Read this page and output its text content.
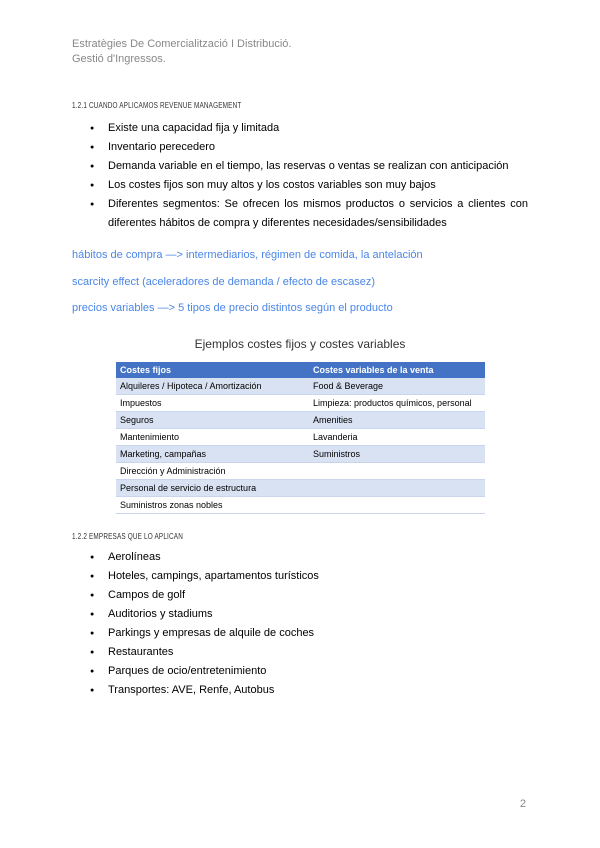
Estratègies De Comercialització I Distribució.
Gestió d'Ingressos.
1.2.1 CUANDO APLICAMOS REVENUE MANAGEMENT
● Existe una capacidad fija y limitada
● Inventario perecedero
● Demanda variable en el tiempo, las reservas o ventas se realizan con anticipación
● Los costes fijos son muy altos y los costos variables son muy bajos
● Diferentes segmentos: Se ofrecen los mismos productos o servicios a clientes con diferentes hábitos de compra y diferentes necesidades/sensibilidades
hábitos de compra —> intermediarios, régimen de comida, la antelación
scarcity effect (aceleradores de demanda / efecto de escasez)
precios variables —> 5 tipos de precio distintos según el producto
Ejemplos costes fijos y costes variables
Costes fijos	Costes variables de la venta
Alquileres / Hipoteca / Amortización	Food & Beverage
Impuestos	Limpieza: productos químicos, personal
Seguros	Amenities
Mantenimiento	Lavanderia
Marketing, campañas	Suministros
Dirección y Administración	
Personal de servicio de estructura	
Suministros zonas nobles	
1.2.2 EMPRESAS QUE LO APLICAN
● Aerolíneas
● Hoteles, campings, apartamentos turísticos
● Campos de golf
● Auditorios y stadiums
● Parkings y empresas de alquile de coches
● Restaurantes
● Parques de ocio/entretenimiento
● Transportes: AVE, Renfe, Autobus
2
